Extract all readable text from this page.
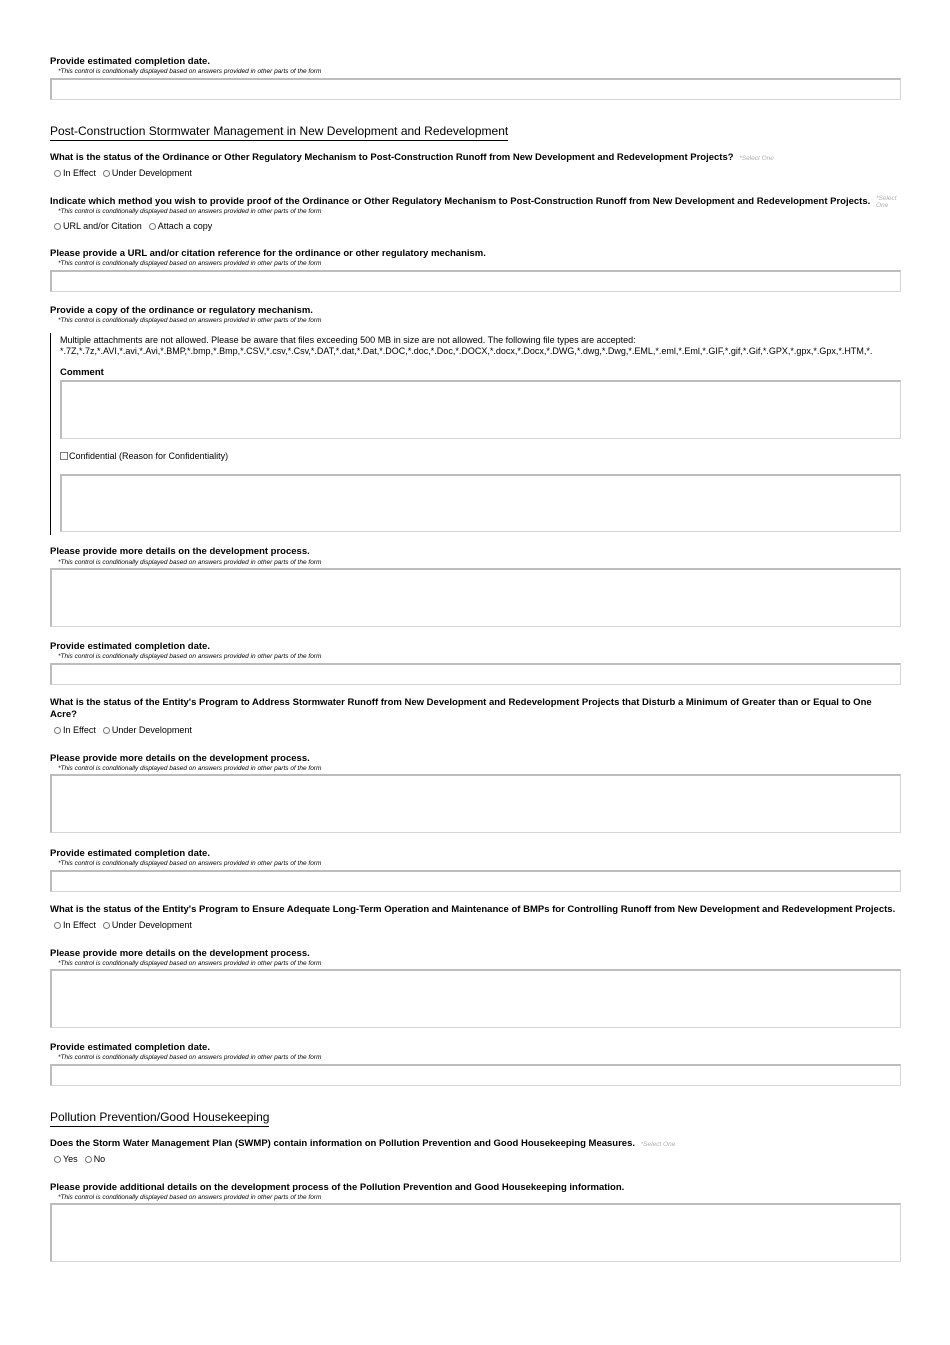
Provide estimated completion date.
*This control is conditionally displayed based on answers provided in other parts of the form
Post-Construction Stormwater Management in New Development and Redevelopment
What is the status of the Ordinance or Other Regulatory Mechanism to Post-Construction Runoff from New Development and Redevelopment Projects? *Select One
In Effect Under Development
Indicate which method you wish to provide proof of the Ordinance or Other Regulatory Mechanism to Post-Construction Runoff from New Development and Redevelopment Projects. *Select
One
*This control is conditionally displayed based on answers provided in other parts of the form
URL and/or Citation Attach a copy
Please provide a URL and/or citation reference for the ordinance or other regulatory mechanism.
*This control is conditionally displayed based on answers provided in other parts of the form
Provide a copy of the ordinance or regulatory mechanism.
*This control is conditionally displayed based on answers provided in other parts of the form
Multiple attachments are not allowed. Please be aware that files exceeding 500 MB in size are not allowed. The following file types are accepted:
*.7Z,*.7z,*.AVI,*.avi,*.Avi,*.BMP,*.bmp,*.Bmp,*.CSV,*.csv,*.Csv,*.DAT,*.dat,*.Dat,*.DOC,*.doc,*.Doc,*.DOCX,*.docx,*.Docx,*.DWG,*.dwg,*.Dwg,*.EML,*.eml,*.Eml,*.GIF,*.gif,*.Gif,*.GPX,*.gpx,*.Gpx,*.HTM,*.
Comment
Confidential (Reason for Confidentiality)
Please provide more details on the development process.
*This control is conditionally displayed based on answers provided in other parts of the form
Provide estimated completion date.
*This control is conditionally displayed based on answers provided in other parts of the form
What is the status of the Entity's Program to Address Stormwater Runoff from New Development and Redevelopment Projects that Disturb a Minimum of Greater than or Equal to One
Acre?
In Effect Under Development
Please provide more details on the development process.
*This control is conditionally displayed based on answers provided in other parts of the form
Provide estimated completion date.
*This control is conditionally displayed based on answers provided in other parts of the form
What is the status of the Entity's Program to Ensure Adequate Long-Term Operation and Maintenance of BMPs for Controlling Runoff from New Development and Redevelopment Projects.
In Effect Under Development
Please provide more details on the development process.
*This control is conditionally displayed based on answers provided in other parts of the form
Provide estimated completion date.
*This control is conditionally displayed based on answers provided in other parts of the form
Pollution Prevention/Good Housekeeping
Does the Storm Water Management Plan (SWMP) contain information on Pollution Prevention and Good Housekeeping Measures. *Select One
Yes No
Please provide additional details on the development process of the Pollution Prevention and Good Housekeeping information.
*This control is conditionally displayed based on answers provided in other parts of the form
